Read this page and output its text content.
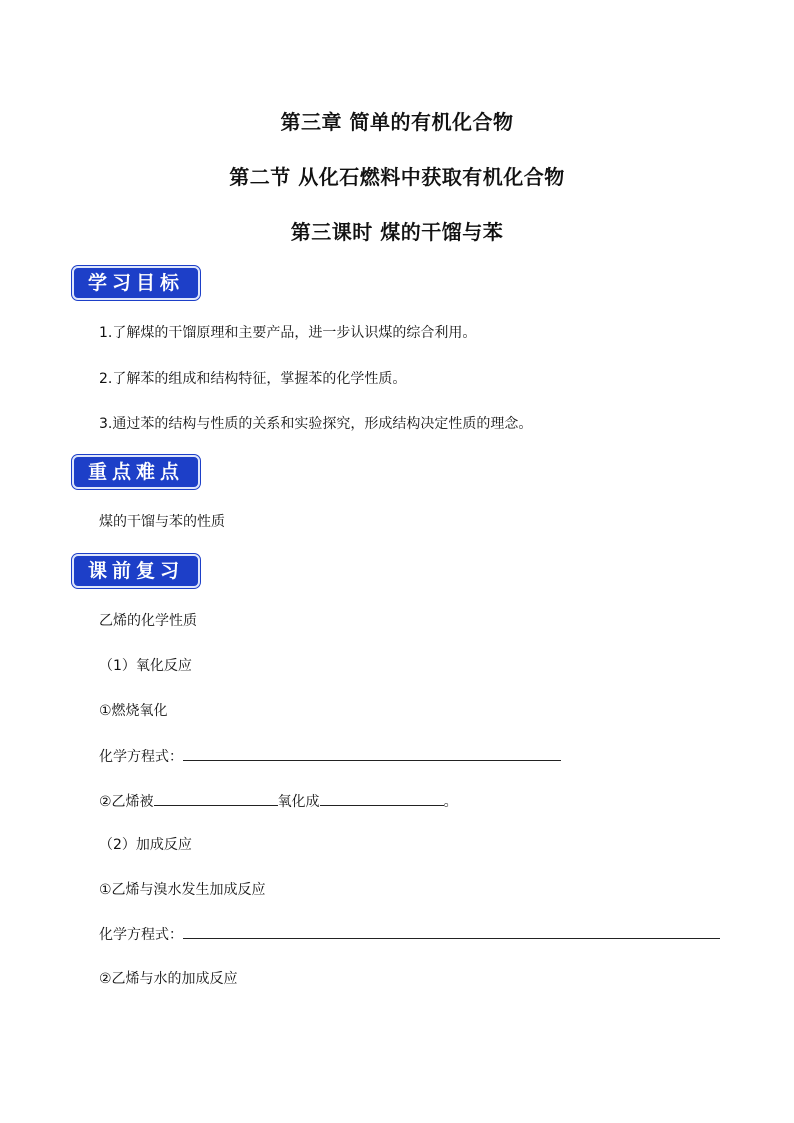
第三章 简单的有机化合物
第二节 从化石燃料中获取有机化合物
第三课时 煤的干馏与苯
学习目标
1.了解煤的干馏原理和主要产品，进一步认识煤的综合利用。
2.了解苯的组成和结构特征，掌握苯的化学性质。
3.通过苯的结构与性质的关系和实验探究，形成结构决定性质的理念。
重点难点
煤的干馏与苯的性质
课前复习
乙烯的化学性质
（1）氧化反应
①燃烧氧化
化学方程式：
②乙烯被	氧化成	。
（2）加成反应
①乙烯与溴水发生加成反应
化学方程式：
②乙烯与水的加成反应
